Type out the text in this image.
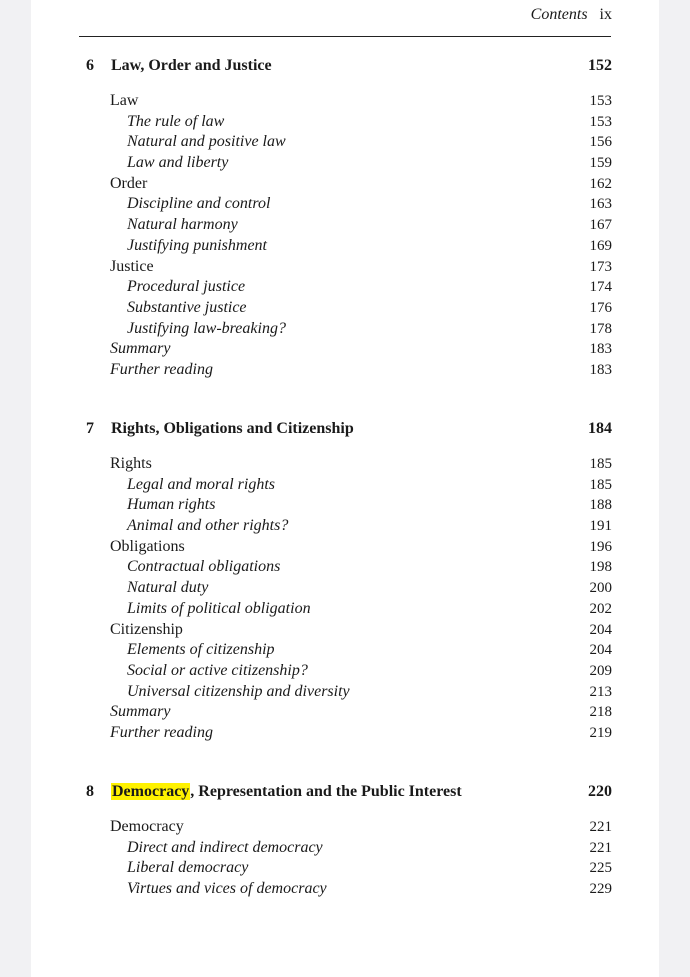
Contents ix
6 Law, Order and Justice	152
Law	153
The rule of law	153
Natural and positive law	156
Law and liberty	159
Order	162
Discipline and control	163
Natural harmony	167
Justifying punishment	169
Justice	173
Procedural justice	174
Substantive justice	176
Justifying law-breaking?	178
Summary	183
Further reading	183
7 Rights, Obligations and Citizenship	184
Rights	185
Legal and moral rights	185
Human rights	188
Animal and other rights?	191
Obligations	196
Contractual obligations	198
Natural duty	200
Limits of political obligation	202
Citizenship	204
Elements of citizenship	204
Social or active citizenship?	209
Universal citizenship and diversity	213
Summary	218
Further reading	219
8 Democracy, Representation and the Public Interest	220
Democracy	221
Direct and indirect democracy	221
Liberal democracy	225
Virtues and vices of democracy	229
